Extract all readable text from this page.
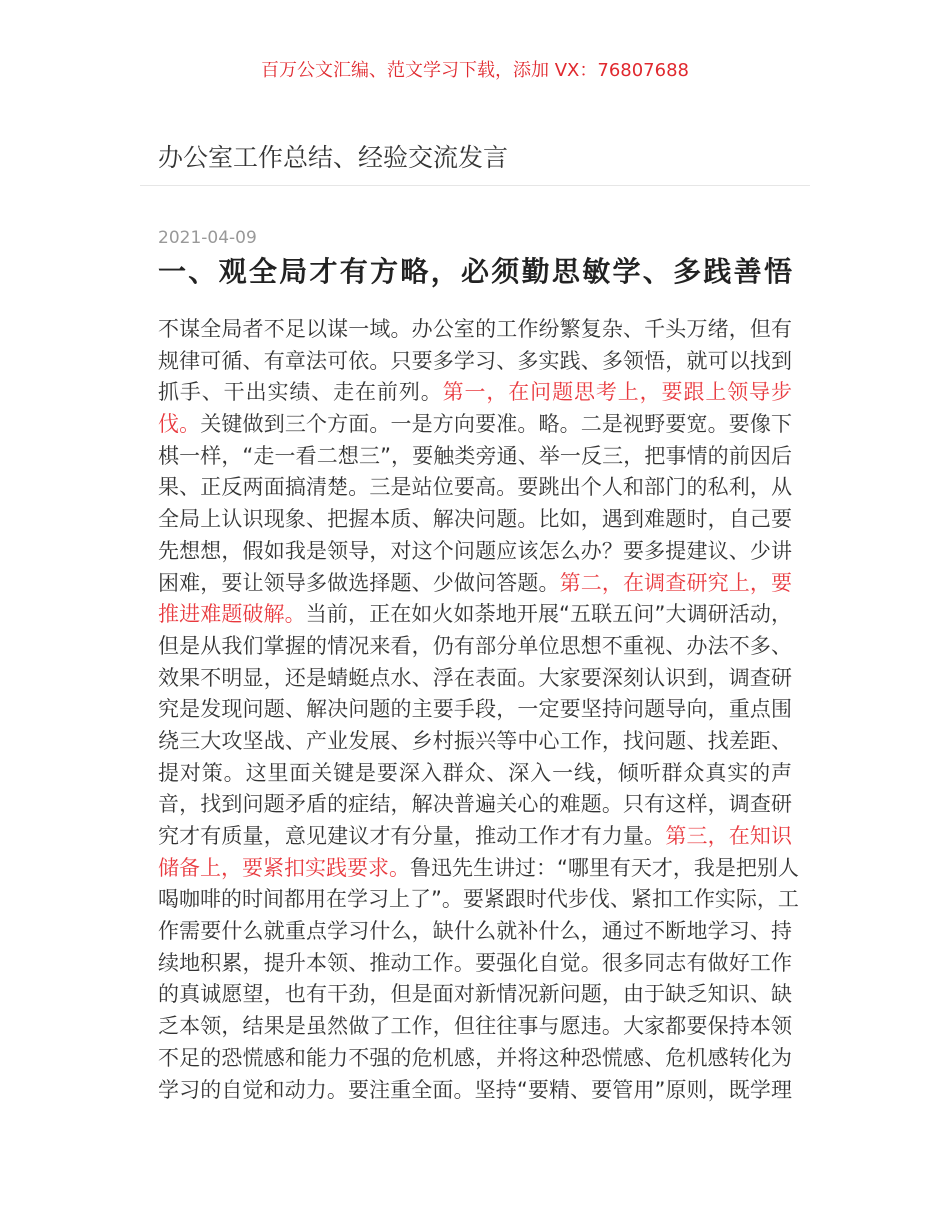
百万公文汇编、范文学习下载，添加 VX：76807688
办公室工作总结、经验交流发言
2021-04-09
一、观全局才有方略，必须勤思敏学、多践善悟
不谋全局者不足以谋一域。办公室的工作纷繁复杂、千头万绪，但有
规律可循、有章法可依。只要多学习、多实践、多领悟，就可以找到
抓手、干出实绩、走在前列。第一，在问题思考上，要跟上领导步
伐。关键做到三个方面。一是方向要准。略。二是视野要宽。要像下
棋一样，“走一看二想三”，要触类旁通、举一反三，把事情的前因后
果、正反两面搞清楚。三是站位要高。要跳出个人和部门的私利，从
全局上认识现象、把握本质、解决问题。比如，遇到难题时，自己要
先想想，假如我是领导，对这个问题应该怎么办？要多提建议、少讲
困难，要让领导多做选择题、少做问答题。第二，在调查研究上，要
推进难题破解。当前，正在如火如荼地开展“五联五问”大调研活动，
但是从我们掌握的情况来看，仍有部分单位思想不重视、办法不多、
效果不明显，还是蜻蜓点水、浮在表面。大家要深刻认识到，调查研
究是发现问题、解决问题的主要手段，一定要坚持问题导向，重点围
绕三大攻坚战、产业发展、乡村振兴等中心工作，找问题、找差距、
提对策。这里面关键是要深入群众、深入一线，倾听群众真实的声
音，找到问题矛盾的症结，解决普遍关心的难题。只有这样，调查研
究才有质量，意见建议才有分量，推动工作才有力量。第三，在知识
储备上，要紧扣实践要求。鲁迅先生讲过：“哪里有天才，我是把别人
喝咖啡的时间都用在学习上了”。要紧跟时代步伐、紧扣工作实际，工
作需要什么就重点学习什么，缺什么就补什么，通过不断地学习、持
续地积累，提升本领、推动工作。要强化自觉。很多同志有做好工作
的真诚愿望，也有干劲，但是面对新情况新问题，由于缺乏知识、缺
乏本领，结果是虽然做了工作，但往往事与愿违。大家都要保持本领
不足的恐慌感和能力不强的危机感，并将这种恐慌感、危机感转化为
学习的自觉和动力。要注重全面。坚持“要精、要管用”原则，既学理
